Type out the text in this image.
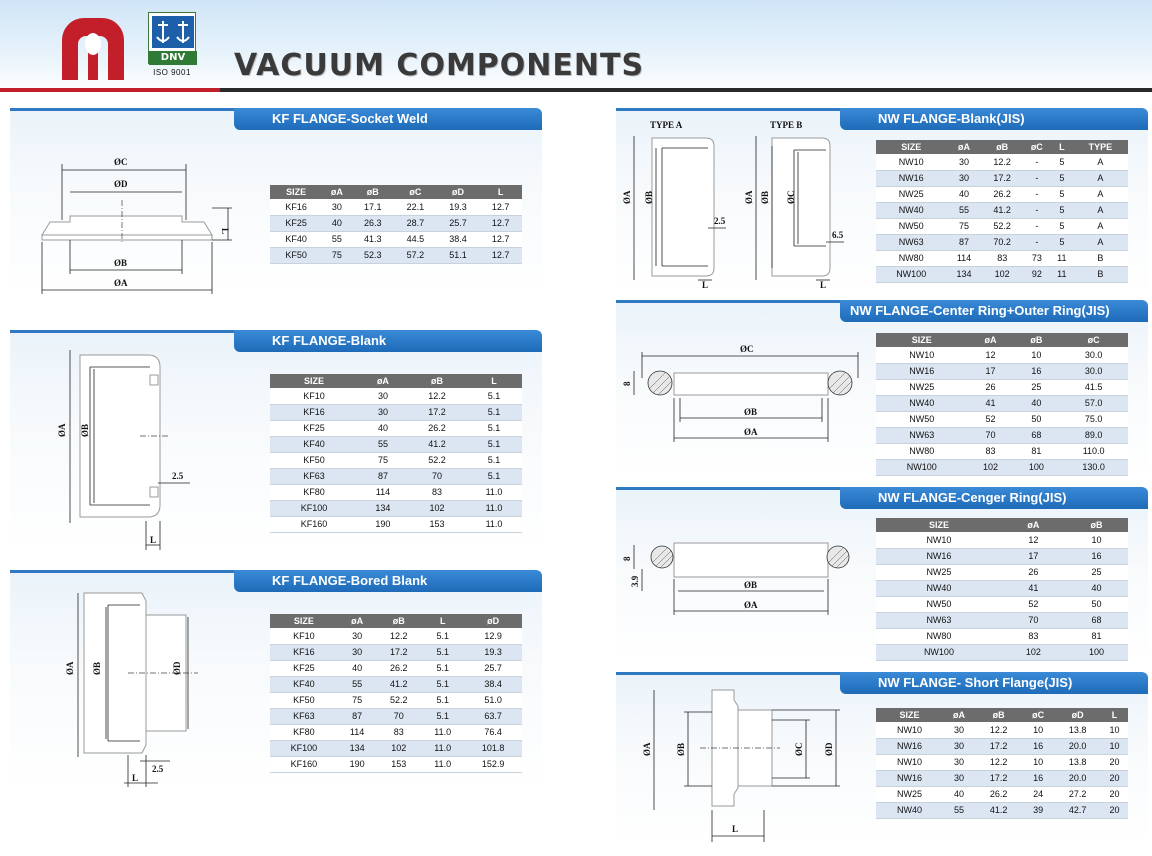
DNV
ISO 9001 VACUUM COMPONENTS
KF FLANGE-Socket Weld
ØC
ØD
ØB
ØA
L
SIZE	øA	øB	øC	øD	L
KF16	30	17.1	22.1	19.3	12.7
KF25	40	26.3	28.7	25.7	12.7
KF40	55	41.3	44.5	38.4	12.7
KF50	75	52.3	57.2	51.1	12.7
KF FLANGE-Blank
ØA ØB
2.5
L
SIZE	øA	øB	L
KF10	30	12.2	5.1
KF16	30	17.2	5.1
KF25	40	26.2	5.1
KF40	55	41.2	5.1
KF50	75	52.2	5.1
KF63	87	70	5.1
KF80	114	83	11.0
KF100	134	102	11.0
KF160	190	153	11.0
KF FLANGE-Bored Blank
ØA ØB	ØD
2.5
L
SIZE	øA	øB	L	øD
KF10	30	12.2	5.1	12.9
KF16	30	17.2	5.1	19.3
KF25	40	26.2	5.1	25.7
KF40	55	41.2	5.1	38.4
KF50	75	52.2	5.1	51.0
KF63	87	70	5.1	63.7
KF80	114	83	11.0	76.4
KF100	134	102	11.0	101.8
KF160	190	153	11.0	152.9
NW FLANGE-Blank(JIS)
TYPE A	TYPE B
ØA ØB
2.5
L
ØA ØB ØC
6.5
L
SIZE	øA	øB	øC	L	TYPE
NW10	30	12.2	-	5	A
NW16	30	17.2	-	5	A
NW25	40	26.2	-	5	A
NW40	55	41.2	-	5	A
NW50	75	52.2	-	5	A
NW63	87	70.2	-	5	A
NW80	114	83	73	11	B
NW100	134	102	92	11	B
NW FLANGE-Center Ring+Outer Ring(JIS)
ØC
8
ØB
ØA
SIZE	øA	øB	øC
NW10	12	10	30.0
NW16	17	16	30.0
NW25	26	25	41.5
NW40	41	40	57.0
NW50	52	50	75.0
NW63	70	68	89.0
NW80	83	81	110.0
NW100	102	100	130.0
NW FLANGE-Cenger Ring(JIS)
8
3.9	ØB
ØA
SIZE	øA	øB
NW10	12	10
NW16	17	16
NW25	26	25
NW40	41	40
NW50	52	50
NW63	70	68
NW80	83	81
NW100	102	100
NW FLANGE- Short Flange(JIS)
ØA	ØB	ØC ØD
L
SIZE	øA	øB	øC	øD	L
NW10	30	12.2	10	13.8	10
NW16	30	17.2	16	20.0	10
NW10	30	12.2	10	13.8	20
NW16	30	17.2	16	20.0	20
NW25	40	26.2	24	27.2	20
NW40	55	41.2	39	42.7	20
